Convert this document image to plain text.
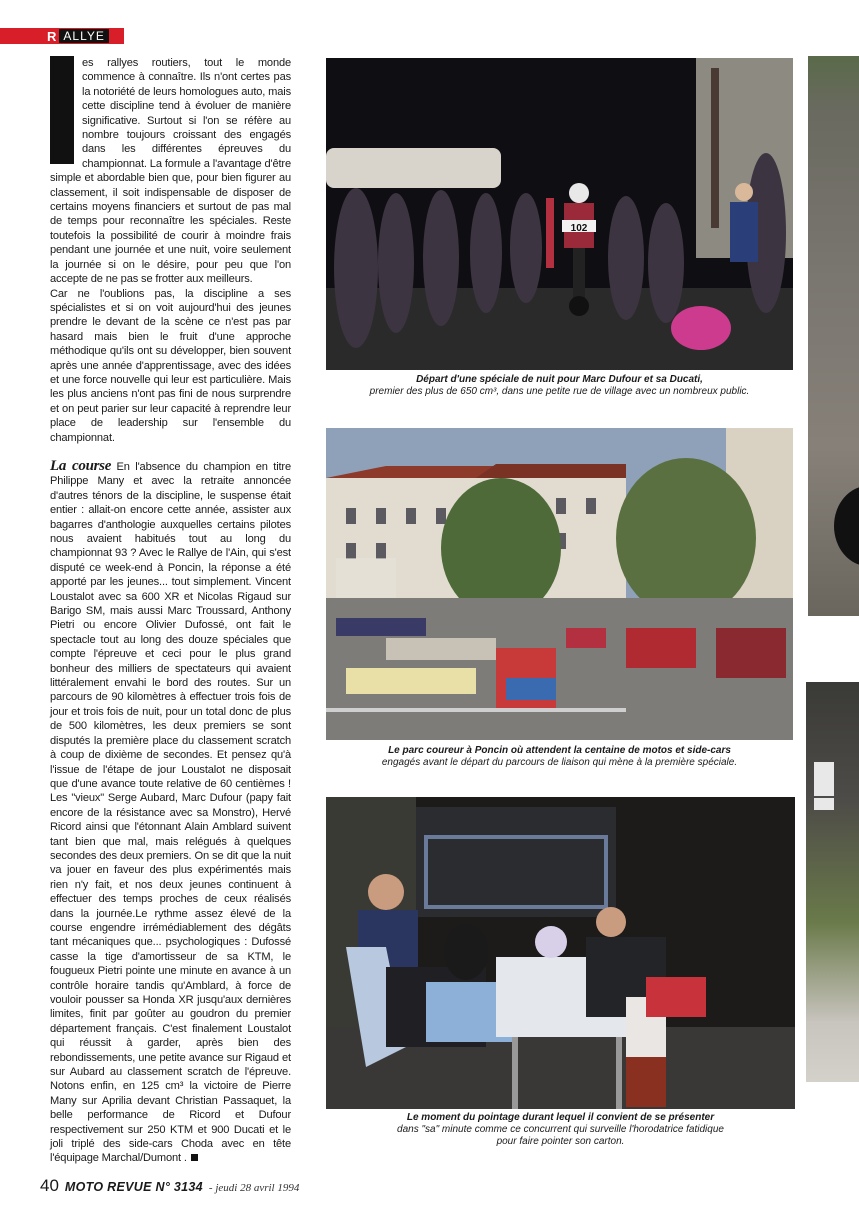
R ALLYE

es rallyes routiers, tout le monde commence à connaître. Ils n'ont certes pas la notoriété de leurs homologues auto, mais cette discipline tend à évoluer de manière significative. Surtout si l'on se réfère au nombre toujours croissant des engagés dans les différentes épreuves du championnat. La formule a l'avantage d'être simple et abordable bien que, pour bien figurer au classement, il soit indispensable de disposer de certains moyens financiers et surtout de pas mal de temps pour reconnaître les spéciales. Reste toutefois la possibilité de courir à moindre frais pendant une journée et une nuit, voire seulement la journée si on le désire, pour peu que l'on accepte de ne pas se frotter aux meilleurs.

Car ne l'oublions pas, la discipline a ses spécialistes et si on voit aujourd'hui des jeunes prendre le devant de la scène ce n'est pas par hasard mais bien le fruit d'une approche méthodique qu'ils ont su développer, bien souvent après une année d'apprentissage, avec des idées et une force nouvelle qui leur est particulière. Mais les plus anciens n'ont pas fini de nous surprendre et on peut parier sur leur capacité à reprendre leur place de leadership sur l'ensemble du championnat.

La course En l'absence du champion en titre Philippe Many et avec la retraite annoncée d'autres ténors de la discipline, le suspense était entier : allait-on encore cette année, assister aux bagarres d'anthologie auxquelles certains pilotes nous avaient habitués tout au long du championnat 93 ? Avec le Rallye de l'Ain, qui s'est disputé ce week-end à Poncin, la réponse a été apporté par les jeunes... tout simplement. Vincent Loustalot avec sa 600 XR et Nicolas Rigaud sur Barigo SM, mais aussi Marc Troussard, Anthony Pietri ou encore Olivier Dufossé, ont fait le spectacle tout au long des douze spéciales que compte l'épreuve et ceci pour le plus grand bonheur des milliers de spectateurs qui avaient littéralement envahi le bord des routes. Sur un parcours de 90 kilomètres à effectuer trois fois de jour et trois fois de nuit, pour un total donc de plus de 500 kilomètres, les deux premiers se sont disputés la première place du classement scratch à coup de dixième de secondes. Et pensez qu'à l'issue de l'étape de jour Loustalot ne disposait que d'une avance toute relative de 60 centièmes ! Les "vieux" Serge Aubard, Marc Dufour (papy fait encore de la résistance avec sa Monstro), Hervé Ricord ainsi que l'étonnant Alain Amblard suivent tant bien que mal, mais relégués à quelques secondes des deux premiers. On se dit que la nuit va jouer en faveur des plus expérimentés mais rien n'y fait, et nos deux jeunes continuent à effectuer des temps proches de ceux réalisés dans la journée.Le rythme assez élevé de la course engendre irrémédiablement des dégâts tant mécaniques que... psychologiques : Dufossé casse la tige d'amortisseur de sa KTM, le fougueux Pietri pointe une minute en avance à un contrôle horaire tandis qu'Amblard, à force de vouloir pousser sa Honda XR jusqu'aux dernières limites, finit par goûter au goudron du premier département français. C'est finalement Loustalot qui réussit à garder, après bien des rebondissements, une petite avance sur Rigaud et sur Aubard au classement scratch de l'épreuve. Notons enfin, en 125 cm³ la victoire de Pierre Many sur Aprilia devant Christian Passaquet, la belle performance de Ricord et Dufour respectivement sur 250 KTM et 900 Ducati et le joli triplé des side-cars Choda avec en tête l'équipage Marchal/Dumont .

102
Départ d'une spéciale de nuit pour Marc Dufour et sa Ducati,
premier des plus de 650 cm³, dans une petite rue de village avec un nombreux public.
Le parc coureur à Poncin où attendent la centaine de motos et side-cars
engagés avant le départ du parcours de liaison qui mène à la première spéciale.
Le moment du pointage durant lequel il convient de se présenter
dans "sa" minute comme ce concurrent qui surveille l'horodatrice fatidique
pour faire pointer son carton.
40 MOTO REVUE N° 3134 - jeudi 28 avril 1994
